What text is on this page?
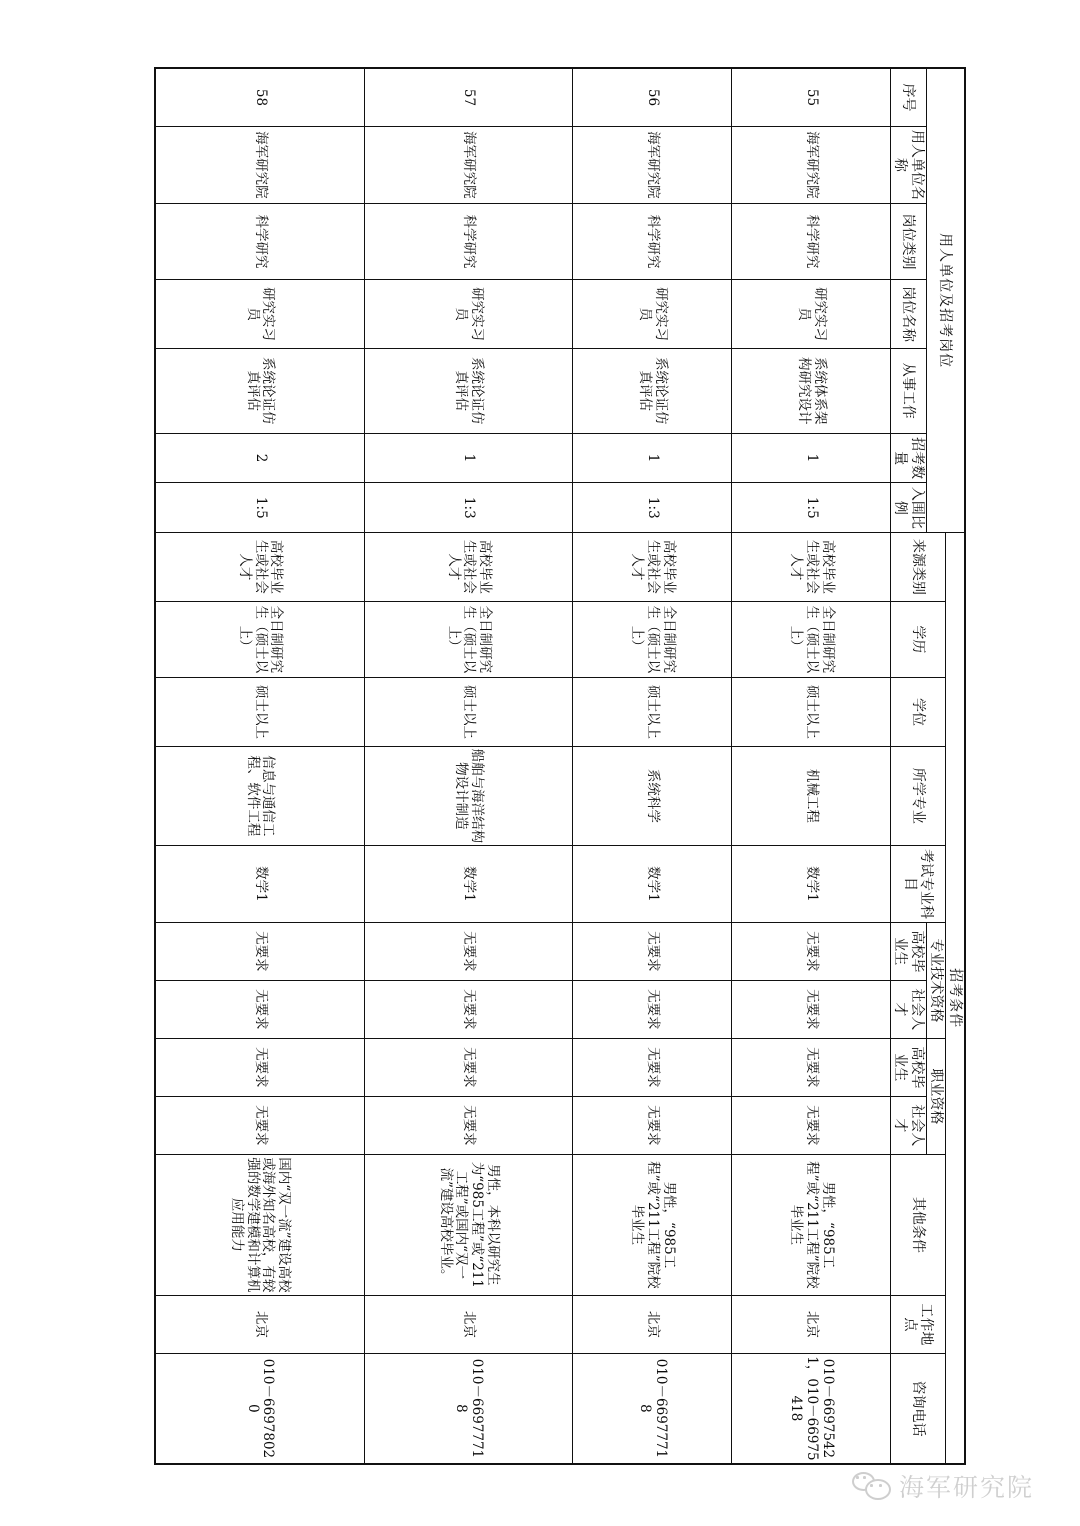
用人单位及招考岗位							招考条件											
							来源类别	学历	学位	所学专业	考试专业科目	专业技术资格		职业资格		其他条件	工作地点	咨询电话
序号	用人单位名称	岗位类别	岗位名称	从事工作	招考数量	入围比例						高校毕业生	社会人才	高校毕业生	社会人才			
55	海军研究院	科学研究	研究实习员	系统体系架构研究设计	1	1:5	高校毕业生或社会人才	全日制研究生（硕士以上）	硕士以上	机械工程	数学1	无要求	无要求	无要求	无要求	男性，“985工程”或“211工程”院校毕业生	北京	010－66975421，010－66975418
56	海军研究院	科学研究	研究实习员	系统论证仿真评估	1	1:3	高校毕业生或社会人才	全日制研究生（硕士以上）	硕士以上	系统科学	数学1	无要求	无要求	无要求	无要求	男性，“985工程”或“211工程”院校毕业生	北京	010－66977718
57	海军研究院	科学研究	研究实习员	系统论证仿真评估	1	1:3	高校毕业生或社会人才	全日制研究生（硕士以上）	硕士以上	船舶与海洋结构物设计制造	数学1	无要求	无要求	无要求	无要求	男性，本科以研究生为“985工程”或“211工程”或国内“双一流”建设高校毕业。	北京	010－66977718
58	海军研究院	科学研究	研究实习员	系统论证仿真评估	2	1:5	高校毕业生或社会人才	全日制研究生（硕士以上）	硕士以上	信息与通信工程、软件工程	数学1	无要求	无要求	无要求	无要求	国内“双一流”建设高校或海外知名高校，有较强的数学建模和计算机应用能力	北京	010－66978020
海军研究院
